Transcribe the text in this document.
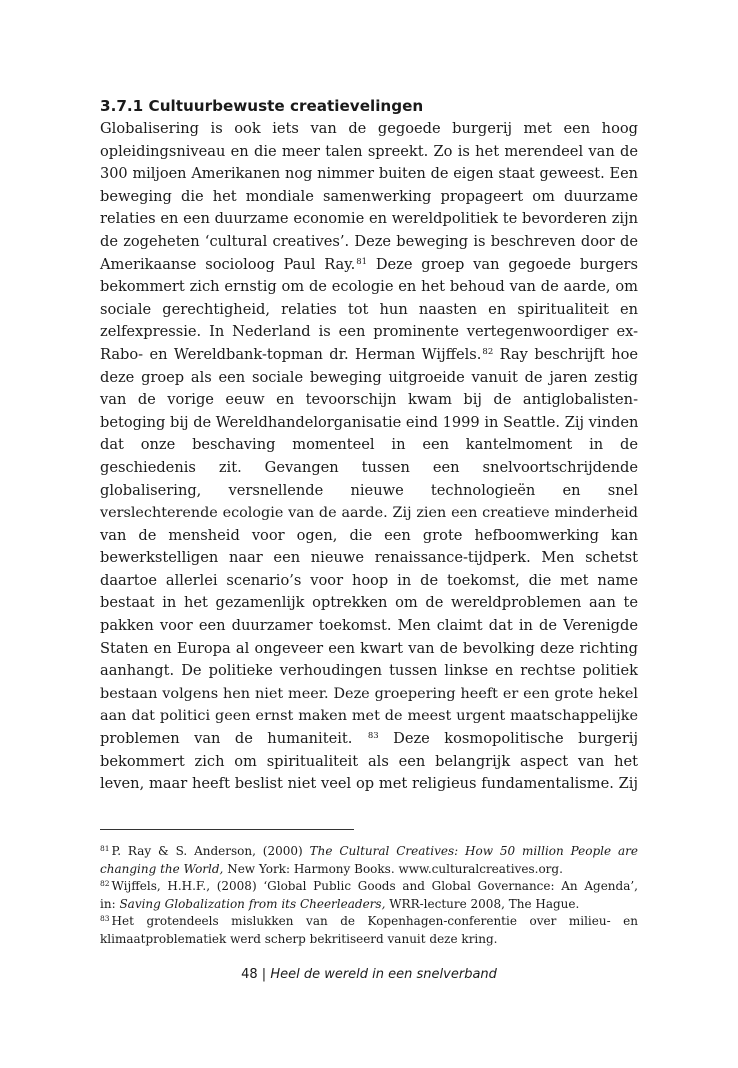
3.7.1 Cultuurbewuste creatievelingen
Globalisering is ook iets van de gegoede burgerij met een hoog
opleidingsniveau en die meer talen spreekt. Zo is het merendeel van de
300 miljoen Amerikanen nog nimmer buiten de eigen staat geweest. Een
beweging die het mondiale samenwerking propageert om duurzame
relaties en een duurzame economie en wereldpolitiek te bevorderen zijn
de zogeheten ‘cultural creatives’. Deze beweging is beschreven door de
Amerikaanse socioloog Paul Ray.$^{81}$ Deze groep van gegoede burgers
bekommert zich ernstig om de ecologie en het behoud van de aarde, om
sociale gerechtigheid, relaties tot hun naasten en spiritualiteit en
zelfexpressie. In Nederland is een prominente vertegenwoordiger ex-
Rabo- en Wereldbank-topman dr. Herman Wijffels.$^{82}$ Ray beschrijft hoe
deze groep als een sociale beweging uitgroeide vanuit de jaren zestig
van de vorige eeuw en tevoorschijn kwam bij de antiglobalisten-
betoging bij de Wereldhandelorganisatie eind 1999 in Seattle. Zij vinden
dat onze beschaving momenteel in een kantelmoment in de
geschiedenis zit. Gevangen tussen een snelvoortschrijdende
globalisering, versnellende nieuwe technologieën en snel
verslechterende ecologie van de aarde. Zij zien een creatieve minderheid
van de mensheid voor ogen, die een grote hefboomwerking kan
bewerkstelligen naar een nieuwe renaissance-tijdperk. Men schetst
daartoe allerlei scenario’s voor hoop in de toekomst, die met name
bestaat in het gezamenlijk optrekken om de wereldproblemen aan te
pakken voor een duurzamer toekomst. Men claimt dat in de Verenigde
Staten en Europa al ongeveer een kwart van de bevolking deze richting
aanhangt. De politieke verhoudingen tussen linkse en rechtse politiek
bestaan volgens hen niet meer. Deze groepering heeft er een grote hekel
aan dat politici geen ernst maken met de meest urgent maatschappelijke
problemen van de humaniteit. $^{83}$ Deze kosmopolitische burgerij
bekommert zich om spiritualiteit als een belangrijk aspect van het
leven, maar heeft beslist niet veel op met religieus fundamentalisme. Zij
$^{81}$ P. Ray & S. Anderson, (2000) The Cultural Creatives: How 50 million People are
changing the World, New York: Harmony Books. www.culturalcreatives.org.
$^{82}$ Wijffels, H.H.F., (2008) ‘Global Public Goods and Global Governance: An Agenda’,
in: Saving Globalization from its Cheerleaders, WRR-lecture 2008, The Hague.
$^{83}$ Het grotendeels mislukken van de Kopenhagen-conferentie over milieu- en
klimaatproblematiek werd scherp bekritiseerd vanuit deze kring.
48 | Heel de wereld in een snelverband
